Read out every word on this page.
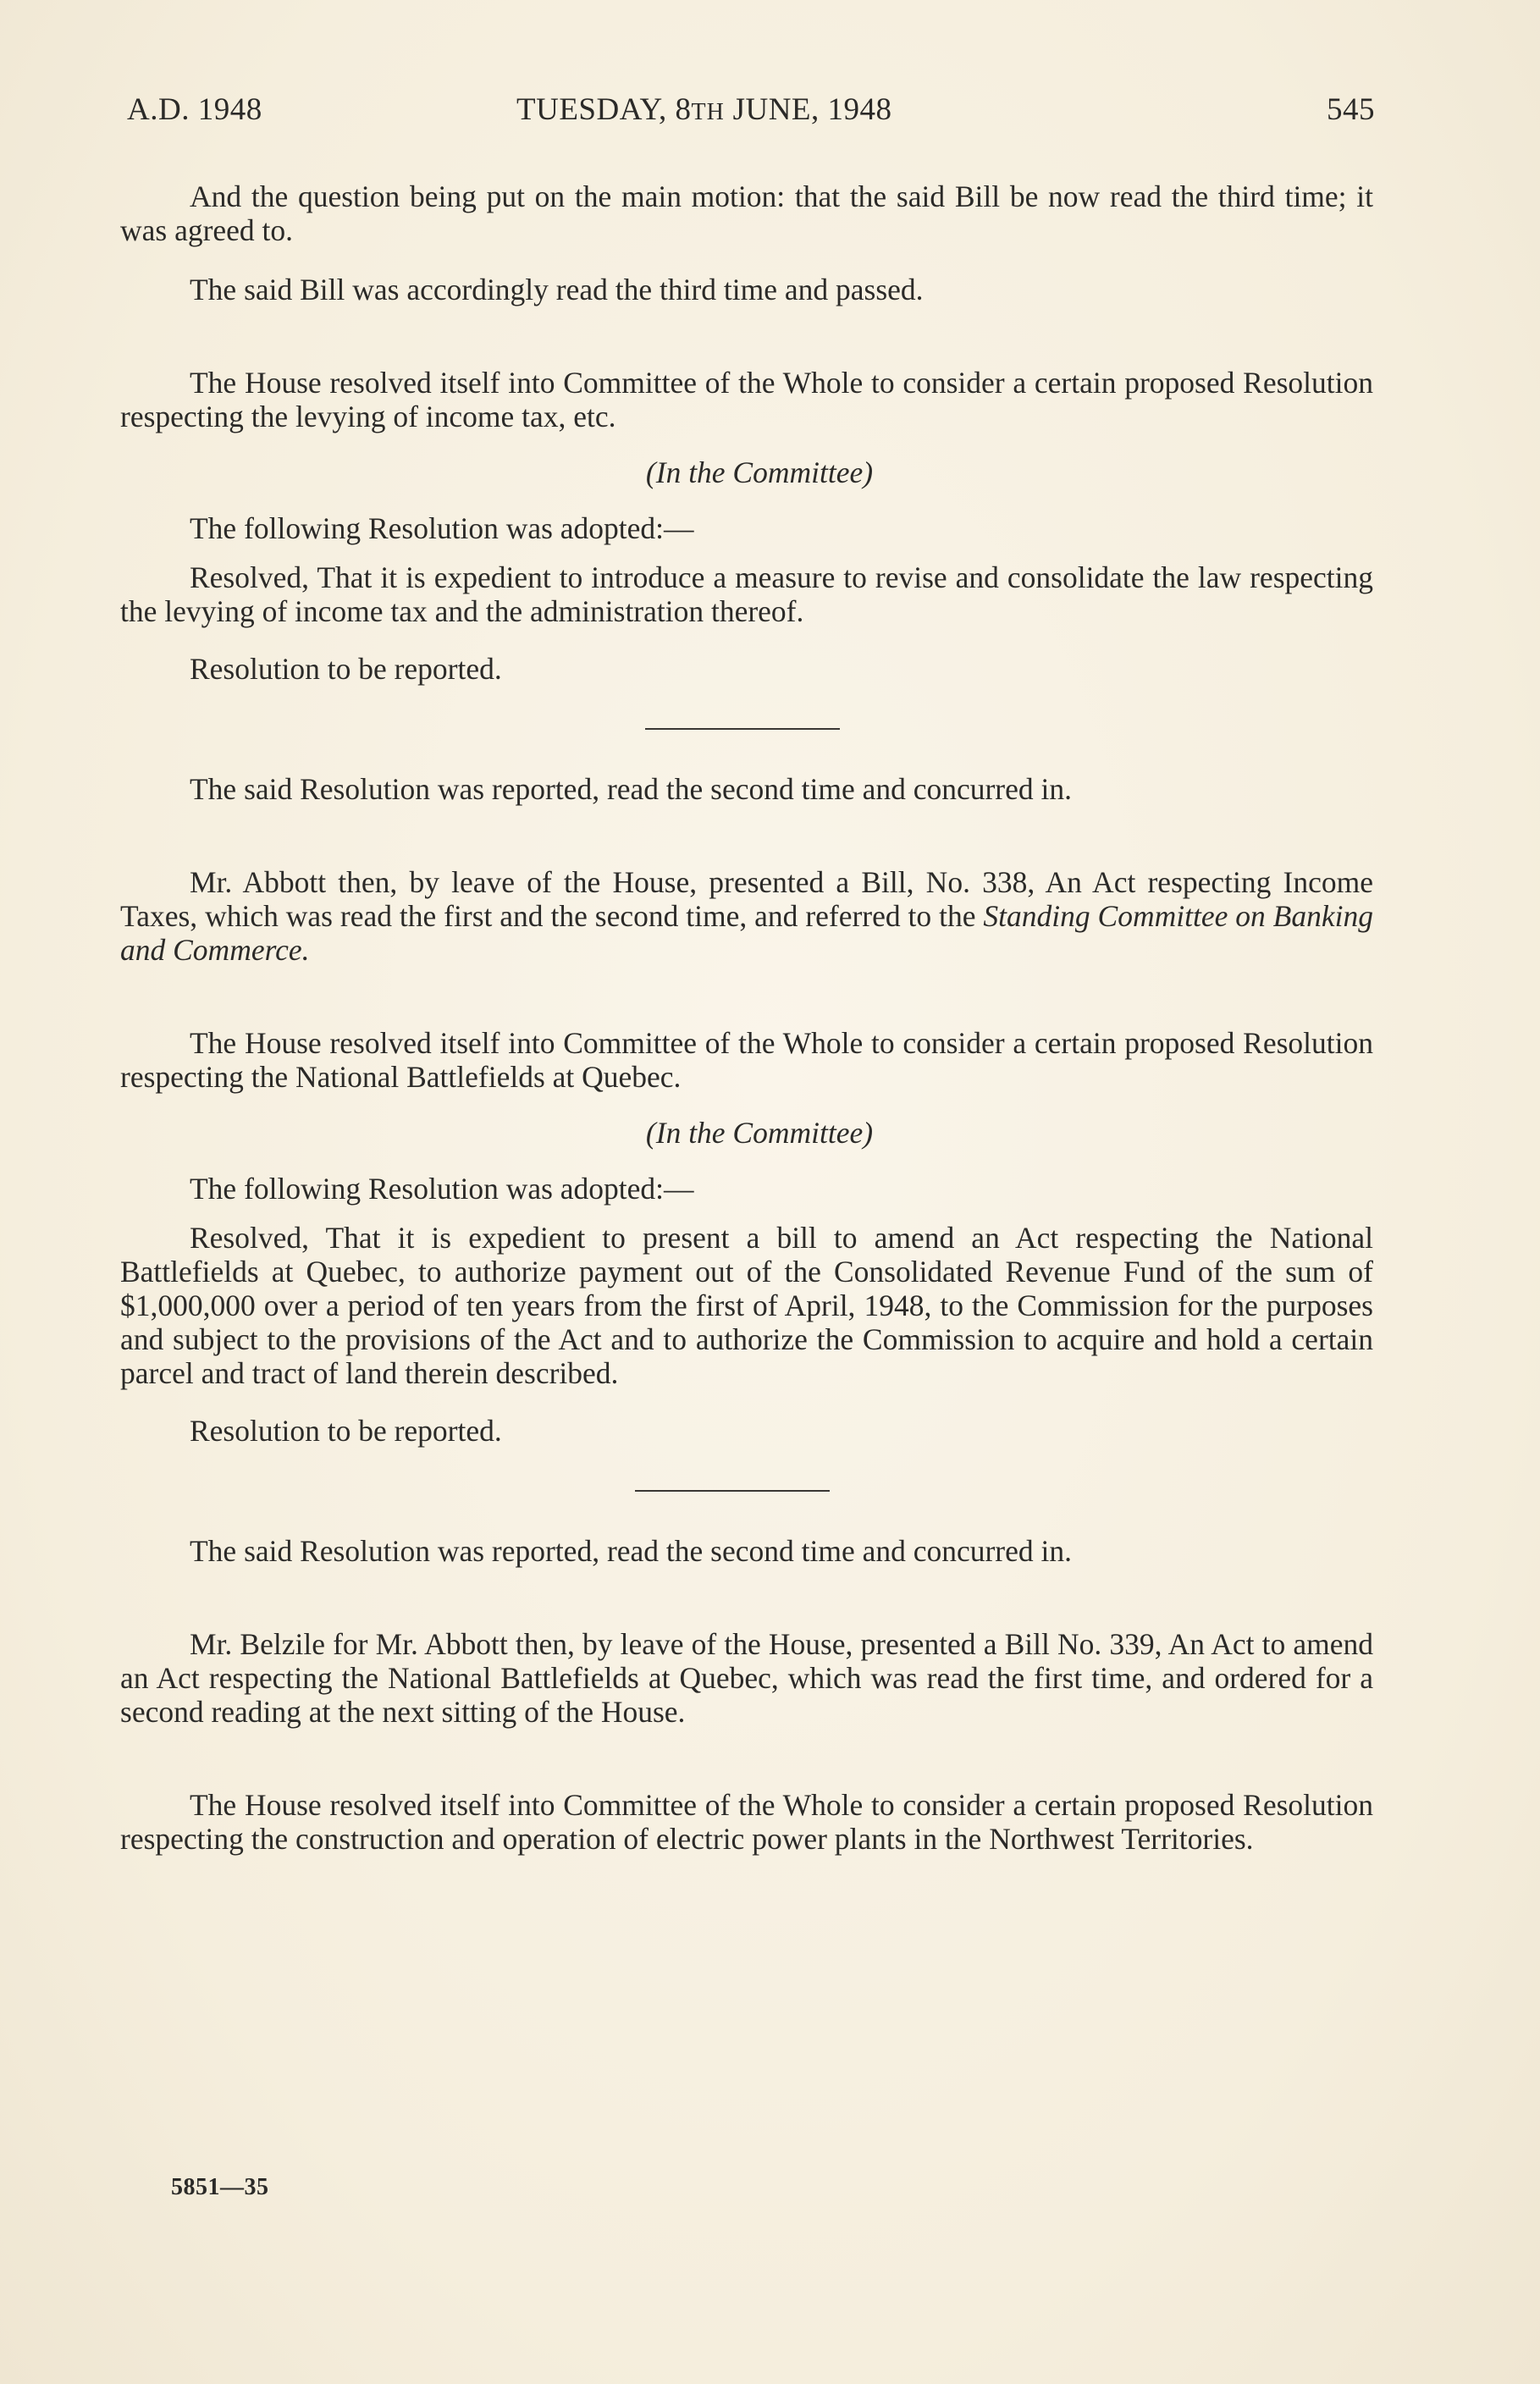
A.D. 1948	TUESDAY, 8TH JUNE, 1948	545

And the question being put on the main motion: that the said Bill be now read the third time; it was agreed to.

The said Bill was accordingly read the third time and passed.

The House resolved itself into Committee of the Whole to consider a certain proposed Resolution respecting the levying of income tax, etc.

(In the Committee)

The following Resolution was adopted:—

Resolved, That it is expedient to introduce a measure to revise and consolidate the law respecting the levying of income tax and the administration thereof.

Resolution to be reported.

The said Resolution was reported, read the second time and concurred in.

Mr. Abbott then, by leave of the House, presented a Bill, No. 338, An Act respecting Income Taxes, which was read the first and the second time, and referred to the Standing Committee on Banking and Commerce.

The House resolved itself into Committee of the Whole to consider a certain proposed Resolution respecting the National Battlefields at Quebec.

(In the Committee)

The following Resolution was adopted:—

Resolved, That it is expedient to present a bill to amend an Act respecting the National Battlefields at Quebec, to authorize payment out of the Consolidated Revenue Fund of the sum of $1,000,000 over a period of ten years from the first of April, 1948, to the Commission for the purposes and subject to the provisions of the Act and to authorize the Commission to acquire and hold a certain parcel and tract of land therein described.

Resolution to be reported.

The said Resolution was reported, read the second time and concurred in.

Mr. Belzile for Mr. Abbott then, by leave of the House, presented a Bill No. 339, An Act to amend an Act respecting the National Battlefields at Quebec, which was read the first time, and ordered for a second reading at the next sitting of the House.

The House resolved itself into Committee of the Whole to consider a certain proposed Resolution respecting the construction and operation of electric power plants in the Northwest Territories.

5851—35
